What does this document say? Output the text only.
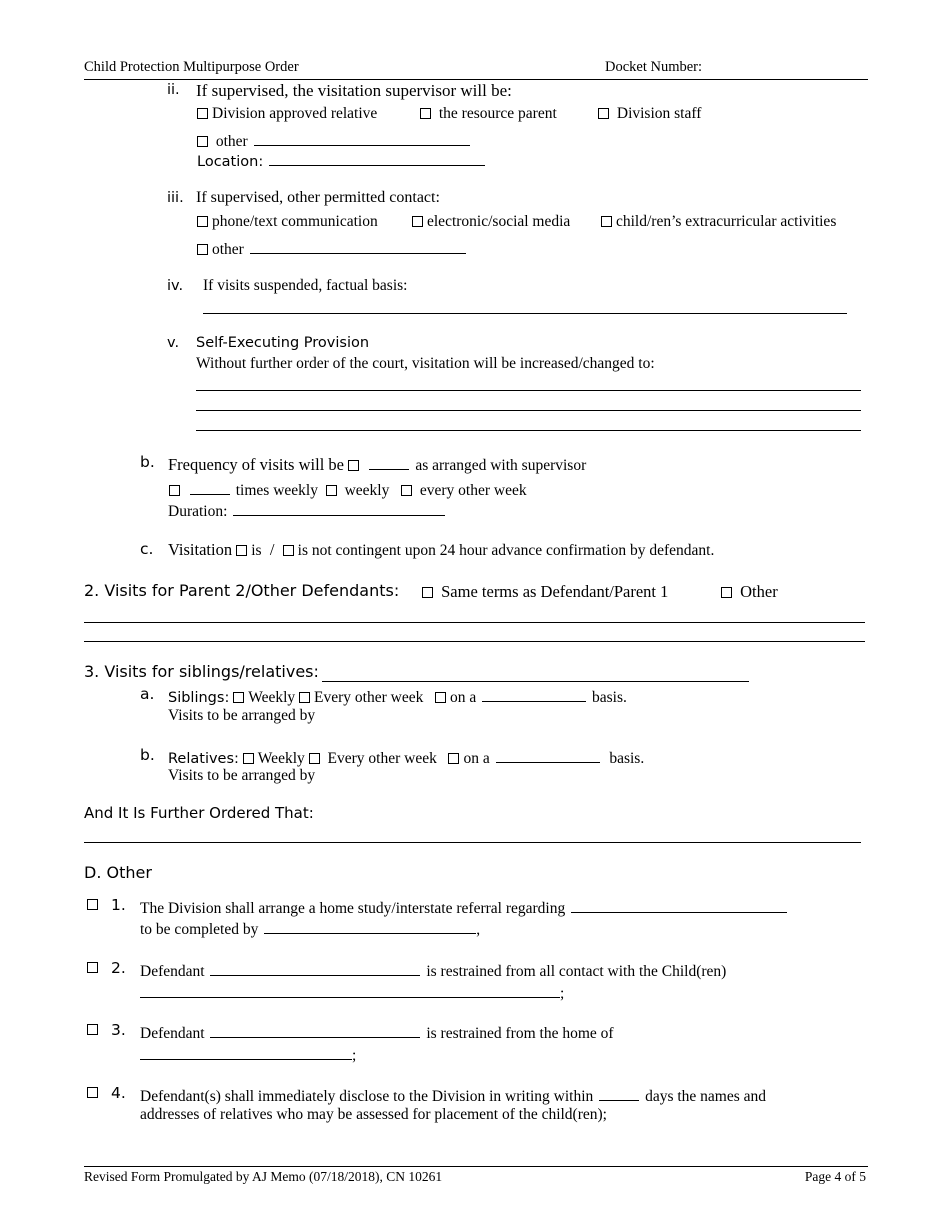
Child Protection Multipurpose Order	Docket Number:
ii. If supervised, the visitation supervisor will be:
Division approved relative	the resource parent	Division staff
other
Location:
iii. If supervised, other permitted contact:
phone/text communication	electronic/social media	child/ren’s extracurricular activities
other
iv. If visits suspended, factual basis:
v. Self-Executing Provision
Without further order of the court, visitation will be increased/changed to:
b. Frequency of visits will be	as arranged with supervisor
times weekly weekly every other week
Duration:
c. Visitation is / is not contingent upon 24 hour advance confirmation by defendant.
2. Visits for Parent 2/Other Defendants:	Same terms as Defendant/Parent 1	Other
3. Visits for siblings/relatives:
a. Siblings: Weekly Every other week on a	basis.
Visits to be arranged by
b. Relatives: Weekly Every other week on a	basis.
Visits to be arranged by
And It Is Further Ordered That:
D. Other
1. The Division shall arrange a home study/interstate referral regarding
to be completed by	,
2. Defendant	is restrained from all contact with the Child(ren)
;
3. Defendant	is restrained from the home of
;
4. Defendant(s) shall immediately disclose to the Division in writing within	days the names and
addresses of relatives who may be assessed for placement of the child(ren);
Revised Form Promulgated by AJ Memo (07/18/2018), CN 10261	Page 4 of 5
